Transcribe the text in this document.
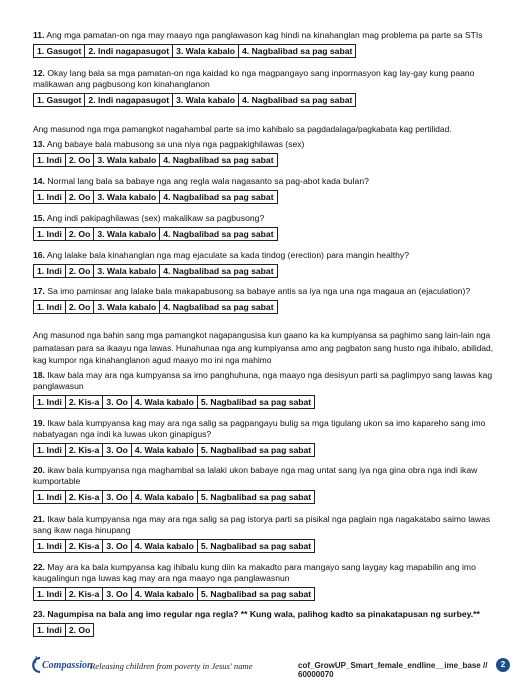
11. Ang mga pamatan-on nga may maayo nga panglawason kag hindi na kinahanglan mag problema pa parte sa STIs

1. Gasugot	2. Indi nagapasugot	3. Wala kabalo	4. Nagbalibad sa pag sabat

12. Okay lang bala sa mga pamatan-on nga kaidad ko nga magpangayo sang inpormasyon kag lay-gay kung paano malikawan ang pagbusong kon kinahanglanon

1. Gasugot	2. Indi nagapasugot	3. Wala kabalo	4. Nagbalibad sa pag sabat

Ang masunod nga mga pamangkot nagahambal parte sa imo kahibalo sa pagdadalaga/pagkabata kag pertilidad.

13. Ang babaye bala mabusong sa una niya nga pagpakighilawas (sex)

1. Indi	2. Oo	3. Wala kabalo	4. Nagbalibad sa pag sabat

14. Normal lang bala sa babaye nga ang regla wala nagasanto sa pag-abot kada bulan?

1. Indi	2. Oo	3. Wala kabalo	4. Nagbalibad sa pag sabat

15. Ang indi pakipaghilawas (sex) makalikaw sa pagbusong?

1. Indi	2. Oo	3. Wala kabalo	4. Nagbalibad sa pag sabat

16. Ang lalake bala kinahanglan nga mag ejaculate sa kada tindog (erection) para mangin healthy?

1. Indi	2. Oo	3. Wala kabalo	4. Nagbalibad sa pag sabat

17. Sa imo paminsar ang lalake bala makapabusong sa babaye antis sa iya nga una nga magaua an (ejaculation)?

1. Indi	2. Oo	3. Wala kabalo	4. Nagbalibad sa pag sabat

Ang masunod nga bahin sang mga pamangkot nagapangusisa kun gaano ka ka kumpiyansa sa paghimo sang lain-lain nga pamatasan para sa ikaayu nga lawas. Hunahunaa nga ang kumpiyansa amo ang pagbaton sang husto nga ihibalo, abilidad, kag kumpor nga kinahanglanon agud maayo mo ini nga mahimo

18. Ikaw bala may ara nga kumpyansa sa imo panghuhuna, nga maayo nga desisyun parti sa paglimpyo sang lawas kag panglawasun

1. Indi	2. Kis-a	3. Oo	4. Wala kabalo	5. Nagbalibad sa pag sabat

19. Ikaw bala kumpyansa kag may ara nga salig sa pagpangayu bulig sa mga tigulang ukon sa imo kapareho sang imo nabatyagan nga indi ka luwas ukon ginapigus?

1. Indi	2. Kis-a	3. Oo	4. Wala kabalo	5. Nagbalibad sa pag sabat

20. ikaw bala kumpyansa nga maghambal sa lalaki ukon babaye nga mag untat sang iya nga gina obra nga indi ikaw kumportable

1. Indi	2. Kis-a	3. Oo	4. Wala kabalo	5. Nagbalibad sa pag sabat

21. Ikaw bala kumpyansa nga may ara nga salig sa pag istorya parti sa pisikal nga paglain nga nagakatabo saimo lawas sang ikaw naga hinupang

1. Indi	2. Kis-a	3. Oo	4. Wala kabalo	5. Nagbalibad sa pag sabat

22. May ara ka bala kumpyansa kag ihibalu kung diin ka makadto para mangayo sang laygay kag mapabilin ang imo kaugalingun nga luwas kag may ara nga maayo nga panglawasnun

1. Indi	2. Kis-a	3. Oo	4. Wala kabalo	5. Nagbalibad sa pag sabat

23. Nagumpisa na bala ang imo regular nga regla? ** Kung wala, palihog kadto sa pinakatapusan ng surbey.**

1. Indi	2. Oo
Compassion
Releasing children from poverty in Jesus' name	cof_GrowUP_Smart_female_endline__ime_base // 60000070
2
